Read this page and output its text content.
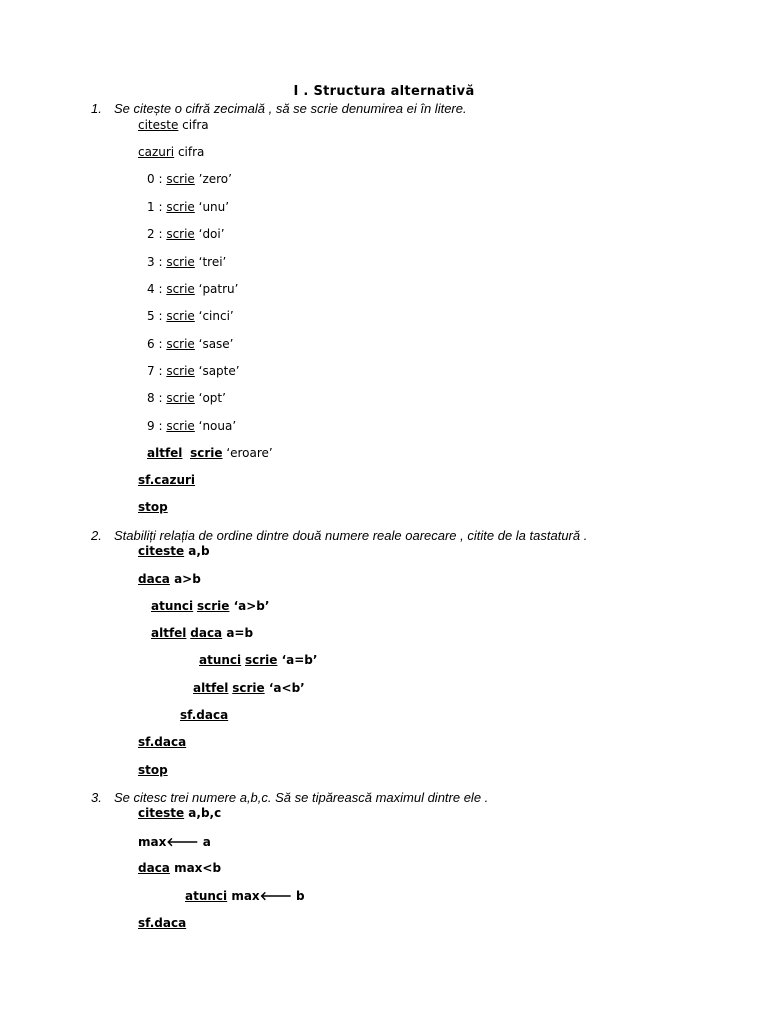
I . Structura alternativă
1. Se citește o cifră zecimală , să se scrie denumirea ei în litere.
citeste cifra
cazuri cifra
0 : scrie ’zero’
1 : scrie ‘unu’
2 : scrie ‘doi’
3 : scrie ‘trei’
4 : scrie ‘patru’
5 : scrie ‘cinci’
6 : scrie ‘sase’
7 : scrie ‘sapte’
8 : scrie ‘opt’
9 : scrie ‘noua’
altfel scrie ‘eroare’
sf.cazuri
stop
2. Stabiliți relația de ordine dintre două numere reale oarecare , citite de la tastatură .
citeste a,b
daca a>b
atunci scrie ‘a>b’
altfel daca a=b
atunci scrie ‘a=b’
altfel scrie ‘a<b’
sf.daca
sf.daca
stop
3. Se citesc trei numere a,b,c. Să se tipărească maximul dintre ele .
citeste a,b,c
max🡐 a
daca max<b
atunci max🡐 b
sf.daca
